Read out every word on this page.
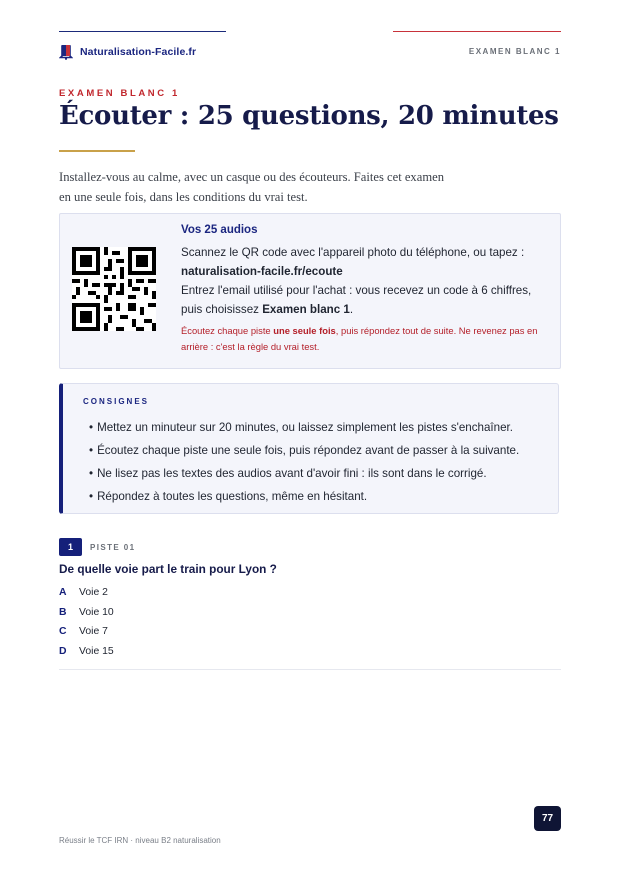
Naturalisation-Facile.fr	EXAMEN BLANC 1
EXAMEN BLANC 1
Écouter : 25 questions, 20 minutes

Installez-vous au calme, avec un casque ou des écouteurs. Faites cet examen en une seule fois, dans les conditions du vrai test.

Vos 25 audios

Scannez le QR code avec l'appareil photo du téléphone, ou tapez :

naturalisation-facile.fr/ecoute

Entrez l'email utilisé pour l'achat : vous recevez un code à 6 chiffres, puis choisissez Examen blanc 1.

Écoutez chaque piste une seule fois, puis répondez tout de suite. Ne revenez pas en arrière : c'est la règle du vrai test.

CONSIGNES
• Mettez un minuteur sur 20 minutes, ou laissez simplement les pistes s'enchaîner.
• Écoutez chaque piste une seule fois, puis répondez avant de passer à la suivante.
• Ne lisez pas les textes des audios avant d'avoir fini : ils sont dans le corrigé.
• Répondez à toutes les questions, même en hésitant.
1	PISTE 01

De quelle voie part le train pour Lyon ?

A	Voie 2
B	Voie 10
C	Voie 7
D	Voie 15
77
Réussir le TCF IRN · niveau B2 naturalisation
